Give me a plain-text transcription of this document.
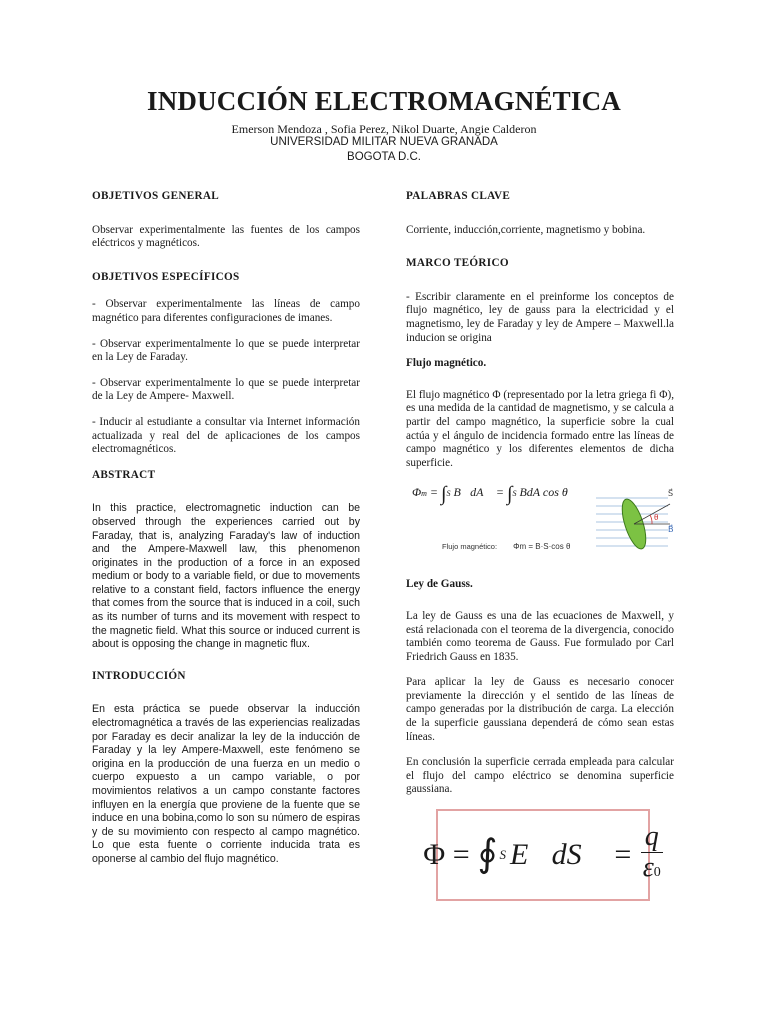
INDUCCIÓN ELECTROMAGNÉTICA
Emerson Mendoza , Sofia Perez, Nikol Duarte, Angie Calderon
UNIVERSIDAD MILITAR NUEVA GRANADA
BOGOTA D.C.
OBJETIVOS GENERAL
Observar experimentalmente las fuentes de los campos eléctricos y magnéticos.
OBJETIVOS ESPECÍFICOS
- Observar experimentalmente las líneas de campo magnético para diferentes configuraciones de imanes.
- Observar experimentalmente lo que se puede interpretar en la Ley de Faraday.
- Observar experimentalmente lo que se puede interpretar de la Ley de Ampere- Maxwell.
- Inducir al estudiante a consultar via Internet información actualizada y real del de aplicaciones de los campos electromagnéticos.
ABSTRACT
In this practice, electromagnetic induction can be observed through the experiences carried out by Faraday, that is, analyzing Faraday's law of induction and the Ampere-Maxwell law, this phenomenon originates in the production of a force in an exposed medium or body to a variable field, or due to movements relative to a constant field, factors influence the energy that comes from the source that is induced in a coil, such as its number of turns and its movement with respect to the magnetic field. What this source or induced current is about is opposing the change in magnetic flux.
INTRODUCCIÓN
En esta práctica se puede observar la inducción electromagnética a través de las experiencias realizadas por Faraday es decir analizar la ley de la inducción de Faraday y la ley Ampere-Maxwell, este fenómeno se origina en la producción de una fuerza en un medio o cuerpo expuesto a un campo variable, o por movimientos relativos a un campo constante factores influyen en la energía que proviene de la fuente que se induce en una bobina,como lo son su número de espiras y de su movimiento con respecto al campo magnético. Lo que esta fuente o corriente inducida trata es oponerse al cambio del flujo magnético.
PALABRAS CLAVE
Corriente, inducción,corriente, magnetismo y bobina.
MARCO TEÓRICO
- Escribir claramente en el preinforme los conceptos de flujo magnético, ley de gauss para la electricidad y el magnetismo, ley de Faraday y ley de Ampere – Maxwell.la inducion se origina
Flujo magnético.
El flujo magnético Φ (representado por la letra griega fi Φ), es una medida de la cantidad de magnetismo, y se calcula a partir del campo magnético, la superficie sobre la cual actúa y el ángulo de incidencia formado entre las líneas de campo magnético y los diferentes elementos de dicha superficie.
Φm = ∫S B⃗dA⃗ = ∫S BdA cos θ
Flujo magnético: Φm = B·S·cos θ
S⃗
θ
B⃗
Ley de Gauss.
La ley de Gauss es una de las ecuaciones de Maxwell, y está relacionada con el teorema de la divergencia, conocido también como teorema de Gauss. Fue formulado por Carl Friedrich Gauss en 1835.
Para aplicar la ley de Gauss es necesario conocer previamente la dirección y el sentido de las líneas de campo generadas por la distribución de carga. La elección de la superficie gaussiana dependerá de cómo sean estas líneas.
En conclusión la superficie cerrada empleada para calcular el flujo del campo eléctrico se denomina superficie gaussiana.
Φ = ∮ S E⃗dS⃗ = $\frac{q}{\varepsilon 0}$
